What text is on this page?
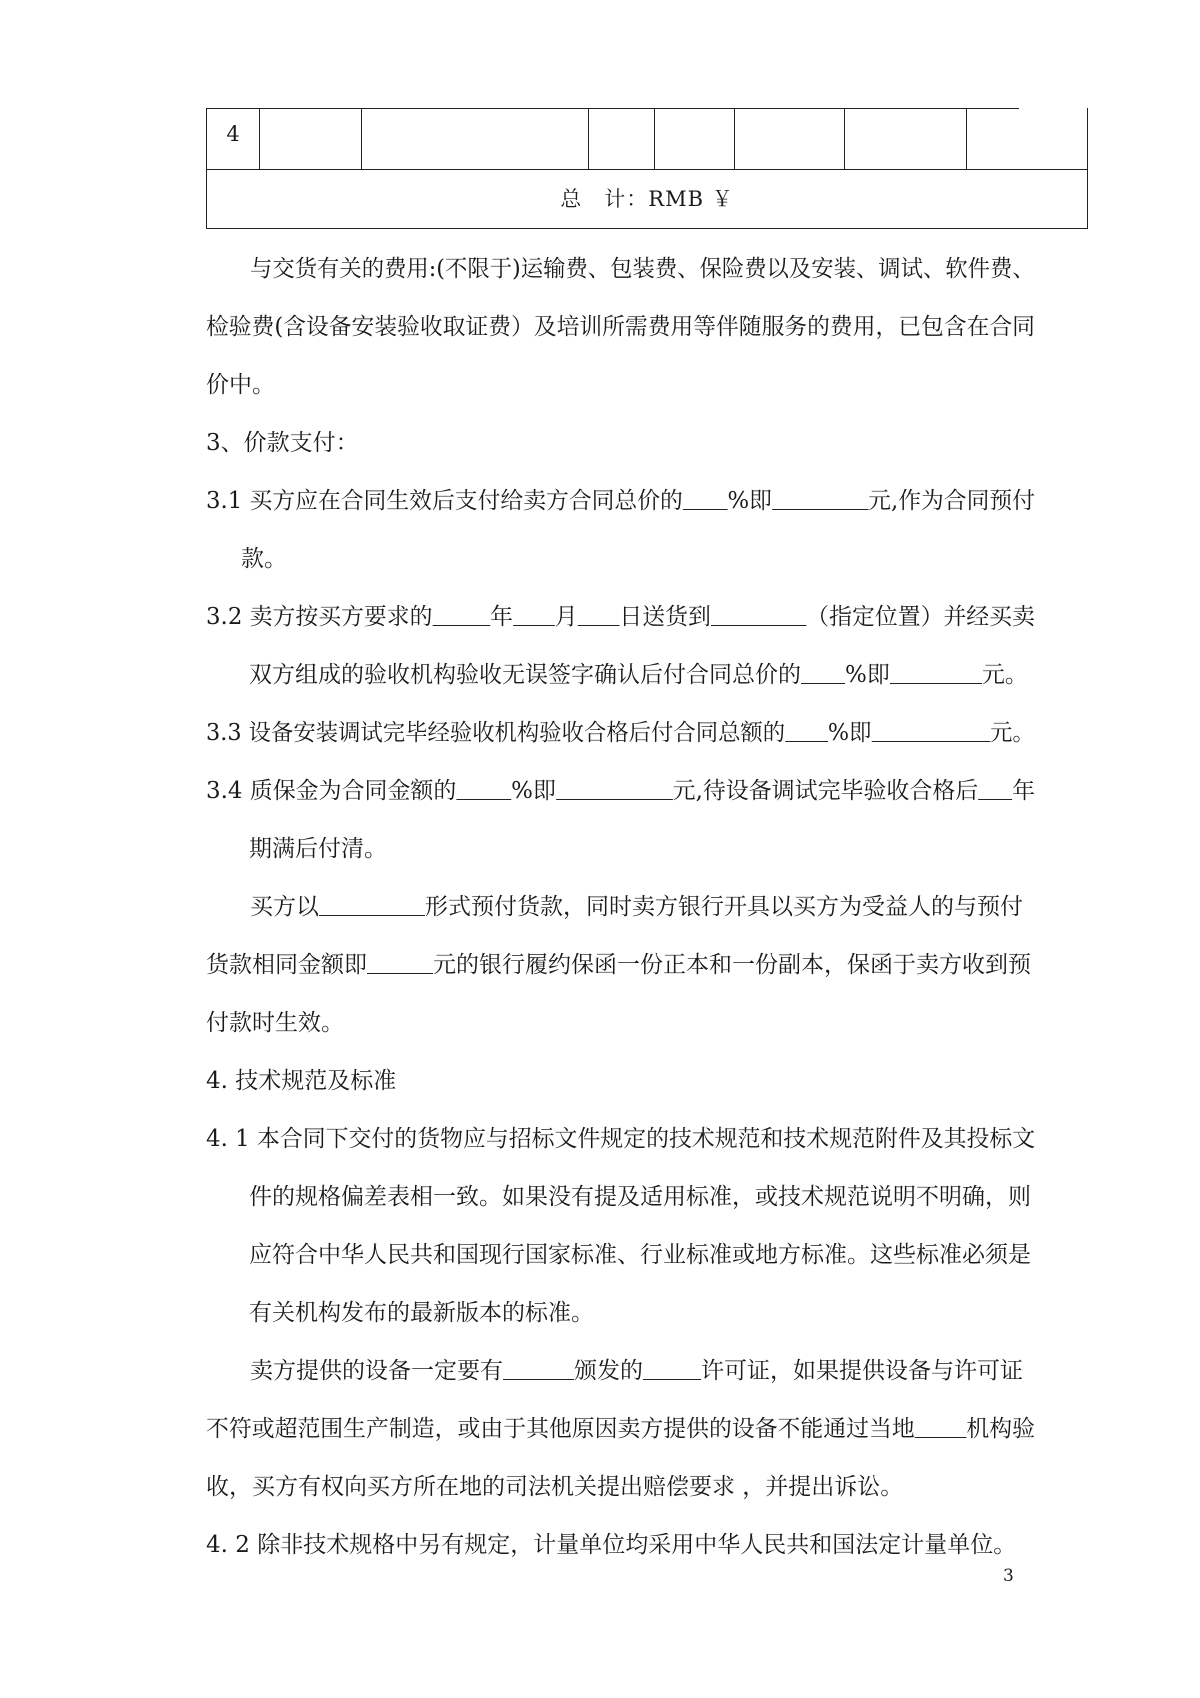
4
总　计：RMB ￥
与交货有关的费用:(不限于)运输费、包装费、保险费以及安装、调试、软件费、
检验费(含设备安装验收取证费）及培训所需费用等伴随服务的费用，已包含在合同
价中。
3、价款支付：
3.1 买方应在合同生效后支付给卖方合同总价的 %即	元,作为合同预付
款。
3.2 卖方按买方要求的	年 月 日送货到	（指定位置）并经买卖
双方组成的验收机构验收无误签字确认后付合同总价的 %即	元。
3.3 设备安装调试完毕经验收机构验收合格后付合同总额的 %即	元。
3.4 质保金为合同金额的 %即	元,待设备调试完毕验收合格后 年
期满后付清。
买方以	形式预付货款，同时卖方银行开具以买方为受益人的与预付
货款相同金额即	元的银行履约保函一份正本和一份副本，保函于卖方收到预
付款时生效。
4. 技术规范及标准
4. 1 本合同下交付的货物应与招标文件规定的技术规范和技术规范附件及其投标文
件的规格偏差表相一致。如果没有提及适用标准，或技术规范说明不明确，则
应符合中华人民共和国现行国家标准、行业标准或地方标准。这些标准必须是
有关机构发布的最新版本的标准。
卖方提供的设备一定要有	颁发的	许可证，如果提供设备与许可证
不符或超范围生产制造，或由于其他原因卖方提供的设备不能通过当地 机构验
收，买方有权向买方所在地的司法机关提出赔偿要求 ，并提出诉讼。
4. 2 除非技术规格中另有规定，计量单位均采用中华人民共和国法定计量单位。
3
